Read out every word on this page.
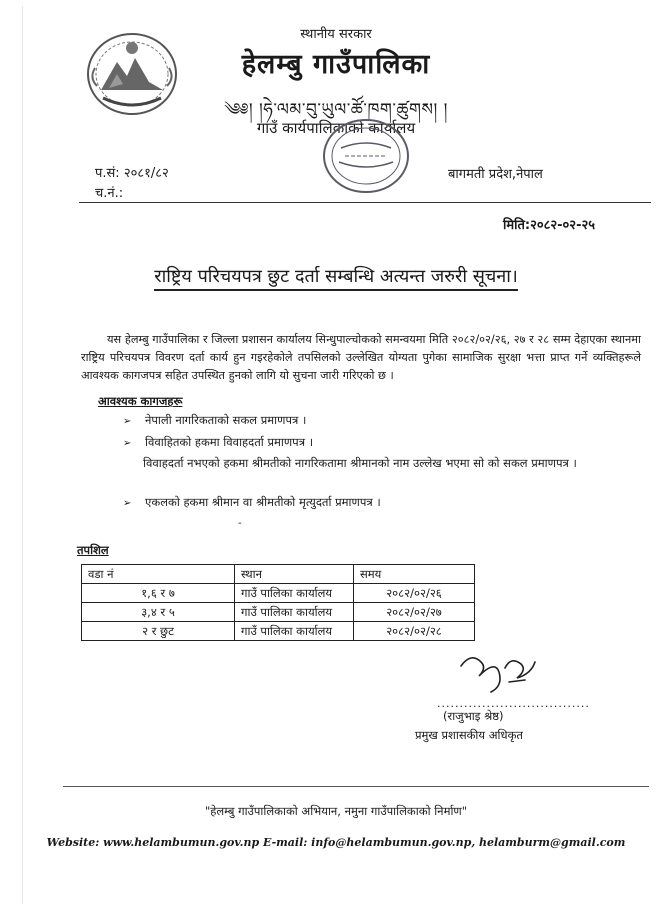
स्थानीय सरकार
हेलम्बु गाउँपालिका
༄༅། །ཧེ་ལམ་བུ་ཡུལ་ཚོ་ཁག་ཚུགས། །
गाउँ कार्यपालिकाको कार्यालय
प.सं: २०८१/८२
च.नं.:
बागमती प्रदेश,नेपाल
मिति:२०८२-०२-२५
राष्ट्रिय परिचयपत्र छुट दर्ता सम्बन्धि अत्यन्त जरुरी सूचना।
यस हेलम्बु गाउँपालिका र जिल्ला प्रशासन कार्यालय सिन्धुपाल्चोकको समन्वयमा मिति २०८२/०२/२६, २७ र २८ सम्म देहाएका स्थानमा राष्ट्रिय परिचयपत्र विवरण दर्ता कार्य हुन गइरहेकोले तपसिलको उल्लेखित योग्यता पुगेका सामाजिक सुरक्षा भत्ता प्राप्त गर्ने व्यक्तिहरूले आवश्यक कागजपत्र सहित उपस्थित हुनको लागि यो सुचना जारी गरिएको छ ।
आवश्यक कागजहरू
➢ नेपाली नागरिकताको सकल प्रमाणपत्र ।
➢ विवाहितको हकमा विवाहदर्ता प्रमाणपत्र ।
विवाहदर्ता नभएको हकमा श्रीमतीको नागरिकतामा श्रीमानको नाम उल्लेख भएमा सो को सकल प्रमाणपत्र ।
➢ एकलको हकमा श्रीमान वा श्रीमतीको मृत्युदर्ता प्रमाणपत्र ।
-
तपशिल
वडा नं	स्थान	समय
१,६ र ७	गाउँ पालिका कार्यालय	२०८२/०२/२६
३,४ र ५	गाउँ पालिका कार्यालय	२०८२/०२/२७
२ र छुट	गाउँ पालिका कार्यालय	२०८२/०२/२८
..................................
(राजुभाइ श्रेष्ठ)
प्रमुख प्रशासकीय अधिकृत
"हेलम्बु गाउँपालिकाको अभियान, नमुना गाउँपालिकाको निर्माण"
Website: www.helambumun.gov.np E-mail: info@helambumun.gov.np, helamburm@gmail.com
